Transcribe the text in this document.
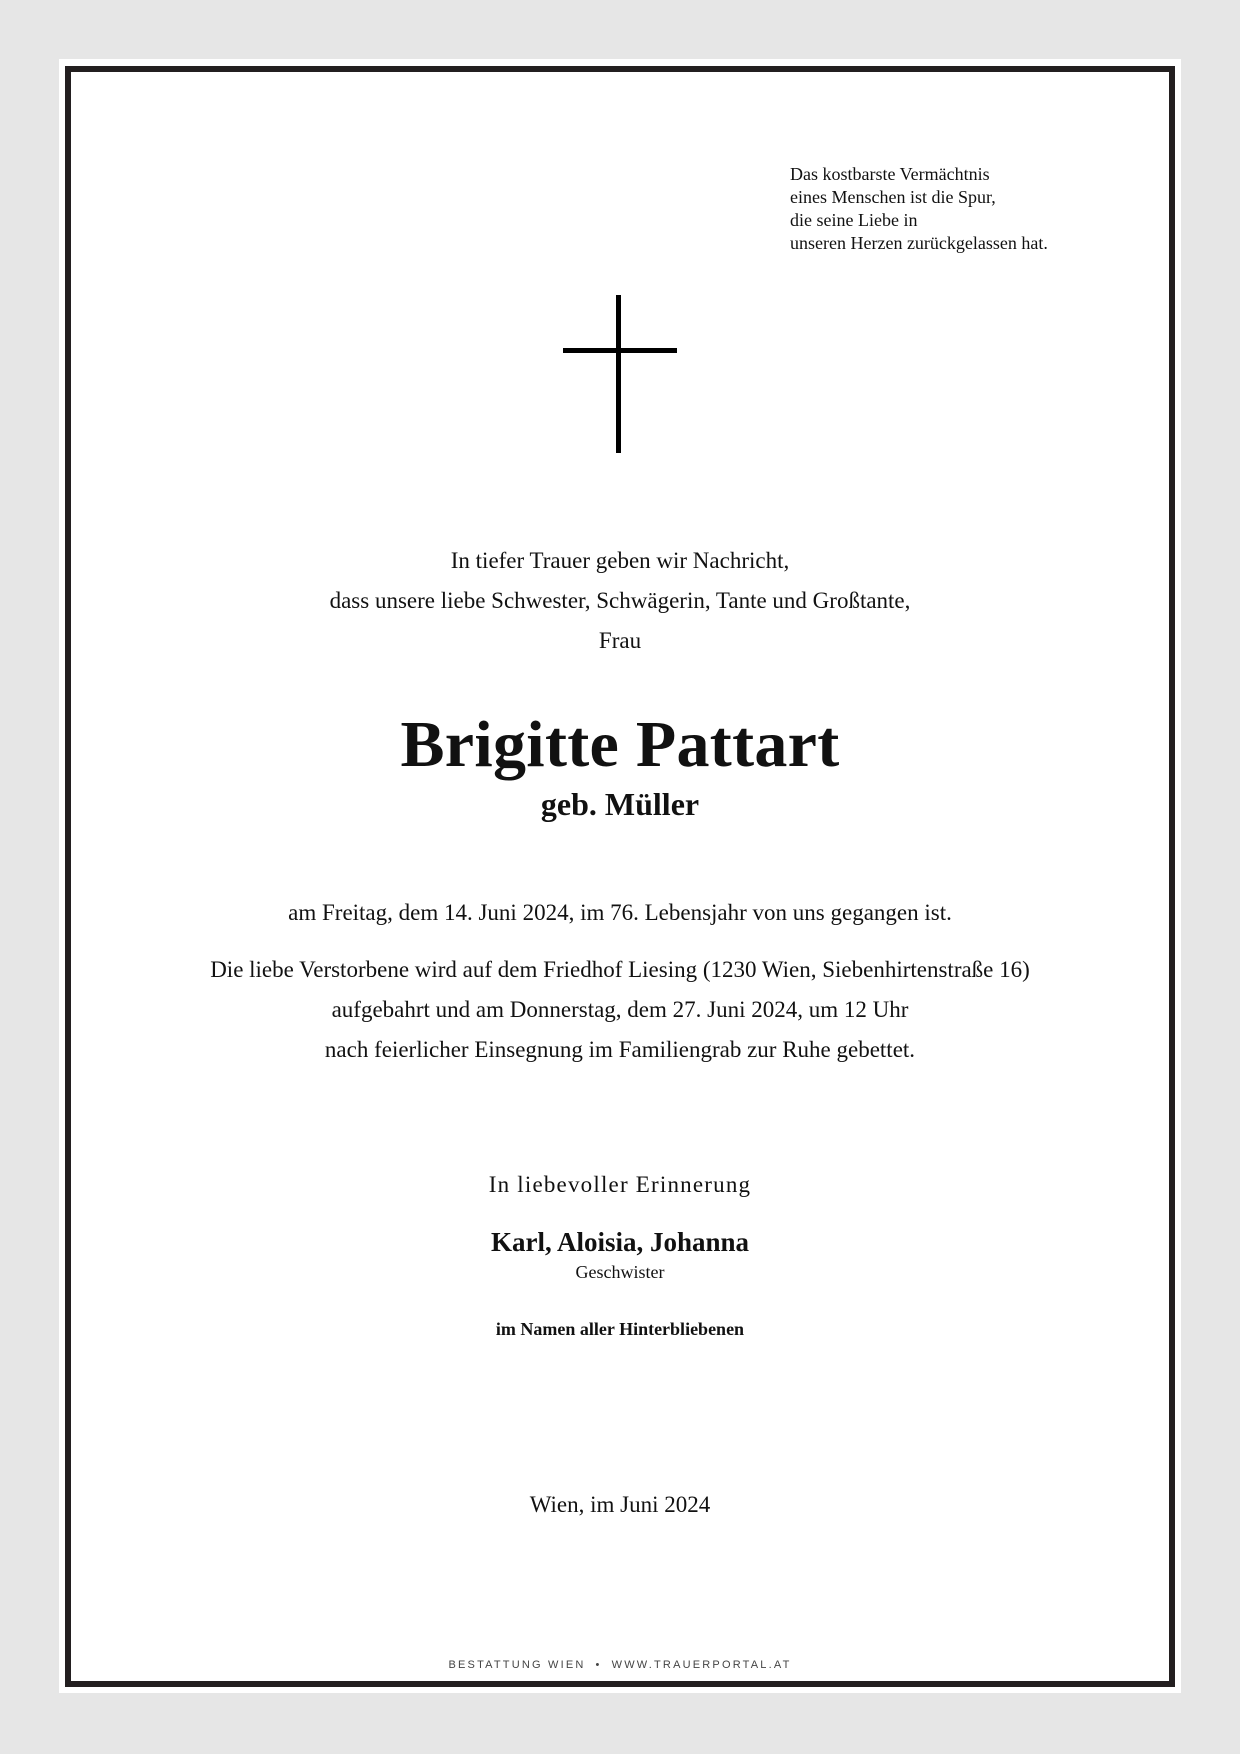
Das kostbarste Vermächtnis
eines Menschen ist die Spur,
die seine Liebe in
unseren Herzen zurückgelassen hat.
In tiefer Trauer geben wir Nachricht,
dass unsere liebe Schwester, Schwägerin, Tante und Großtante,
Frau
Brigitte Pattart
geb. Müller
am Freitag, dem 14. Juni 2024, im 76. Lebensjahr von uns gegangen ist.
Die liebe Verstorbene wird auf dem Friedhof Liesing (1230 Wien, Siebenhirtenstraße 16)
aufgebahrt und am Donnerstag, dem 27. Juni 2024, um 12 Uhr
nach feierlicher Einsegnung im Familiengrab zur Ruhe gebettet.
In liebevoller Erinnerung
Karl, Aloisia, Johanna
Geschwister
im Namen aller Hinterbliebenen
Wien, im Juni 2024
BESTATTUNG WIEN • WWW.TRAUERPORTAL.AT
